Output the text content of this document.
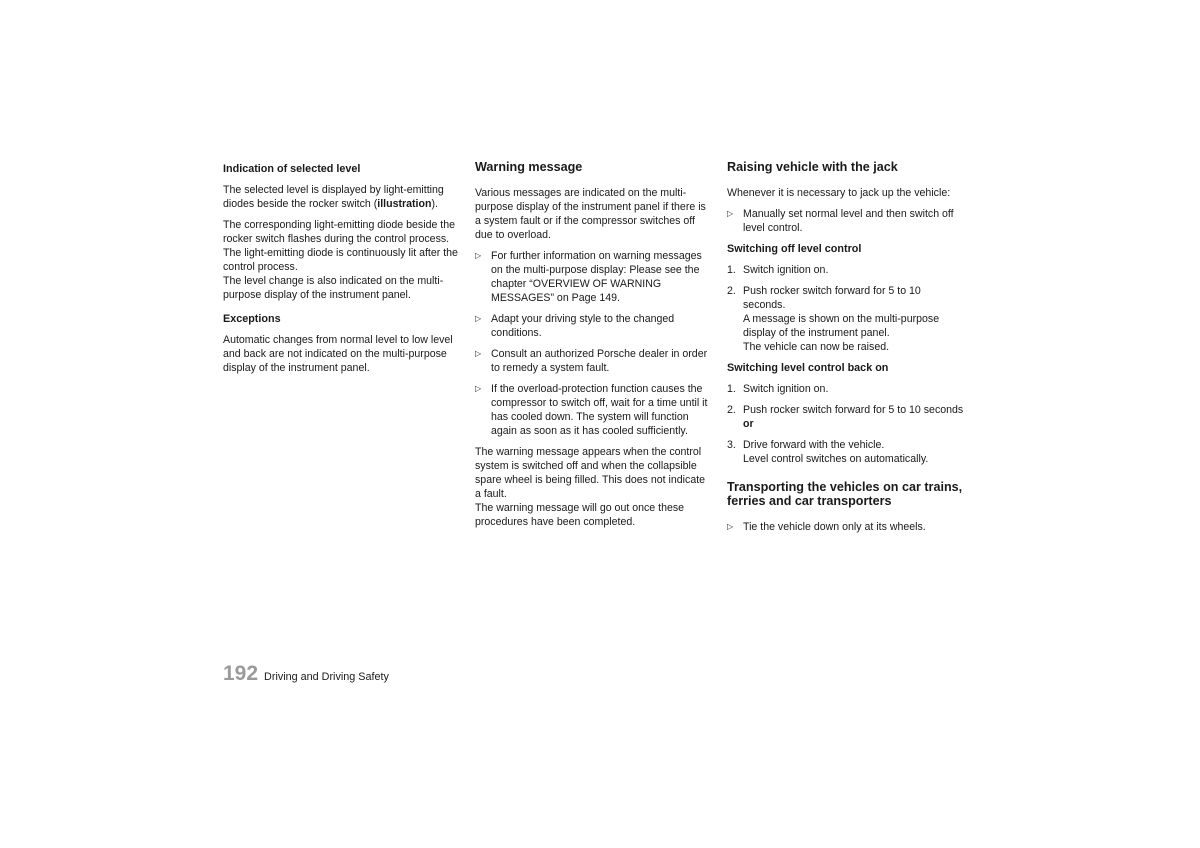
Indication of selected level

The selected level is displayed by light-emitting diodes beside the rocker switch (illustration).

The corresponding light-emitting diode beside the rocker switch flashes during the control process. The light-emitting diode is continuously lit after the control process.

The level change is also indicated on the multi-purpose display of the instrument panel.

Exceptions

Automatic changes from normal level to low level and back are not indicated on the multi-purpose display of the instrument panel.

Warning message

Various messages are indicated on the multi-purpose display of the instrument panel if there is a system fault or if the compressor switches off due to overload.

▷ For further information on warning messages on the multi-purpose display: Please see the chapter “OVERVIEW OF WARNING MESSAGES” on Page 149.
▷ Adapt your driving style to the changed conditions.
▷ Consult an authorized Porsche dealer in order to remedy a system fault.
▷ If the overload-protection function causes the compressor to switch off, wait for a time until it has cooled down. The system will function again as soon as it has cooled sufficiently.

The warning message appears when the control system is switched off and when the collapsible spare wheel is being filled. This does not indicate a fault.

The warning message will go out once these procedures have been completed.

Raising vehicle with the jack

Whenever it is necessary to jack up the vehicle:

▷ Manually set normal level and then switch off level control.
Switching off level control
1. Switch ignition on.
2. Push rocker switch forward for 5 to 10 seconds.
A message is shown on the multi-purpose display of the instrument panel.
The vehicle can now be raised.
Switching level control back on
1. Switch ignition on.
2. Push rocker switch forward for 5 to 10 seconds or
3. Drive forward with the vehicle.
Level control switches on automatically.
Transporting the vehicles on car trains, ferries and car transporters
▷ Tie the vehicle down only at its wheels.
192 Driving and Driving Safety
